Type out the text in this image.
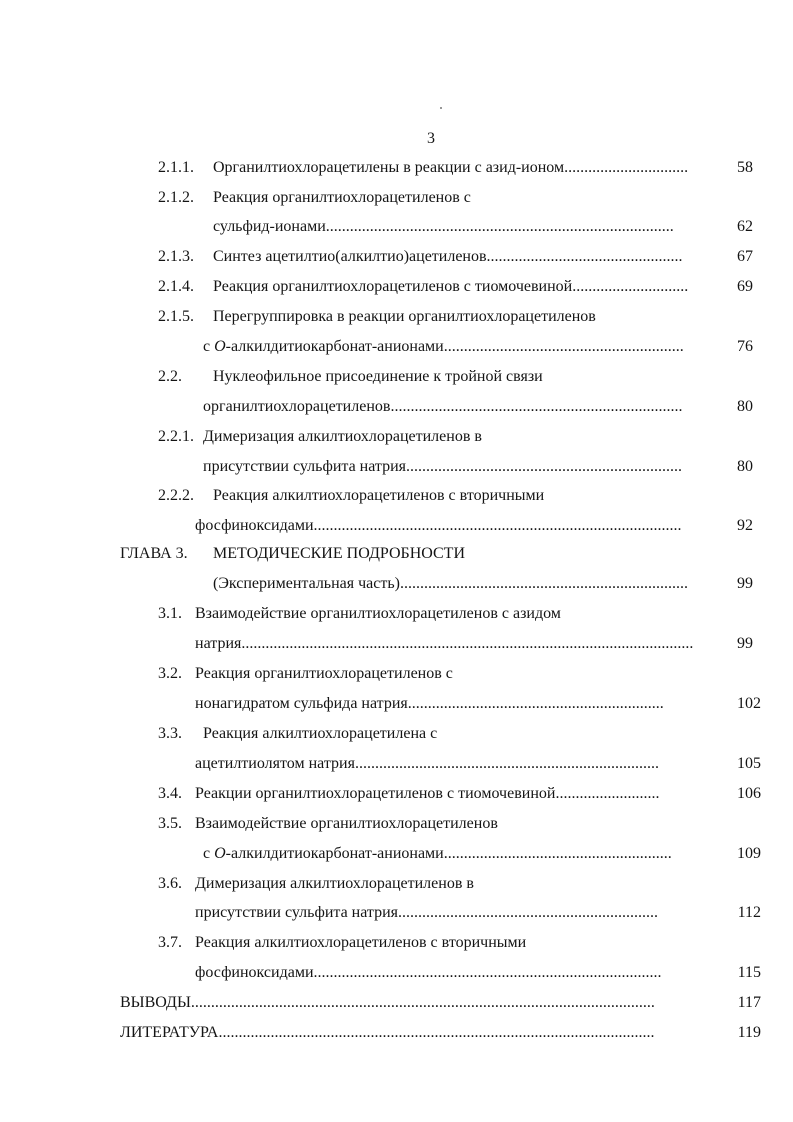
3
2.1.1. Органилтиохлорацетилены в реакции с азид-ионом...............................	58
2.1.2. Реакция органилтиохлорацетиленов с
сульфид-ионами.......................................................................................	62
2.1.3. Синтез ацетилтио(алкилтио)ацетиленов.................................................	67
2.1.4. Реакция органилтиохлорацетиленов с тиомочевиной.............................	69
2.1.5. Перегруппировка в реакции органилтиохлорацетиленов
с O-алкилдитиокарбонат-анионами............................................................	76
2.2. Нуклеофильное присоединение к тройной связи
органилтиохлорацетиленов.........................................................................	80
2.2.1. Димеризация алкилтиохлорацетиленов в
присутствии сульфита натрия.....................................................................	80
2.2.2. Реакция алкилтиохлорацетиленов с вторичными
фосфиноксидами............................................................................................	92
ГЛАВА 3. МЕТОДИЧЕСКИЕ ПОДРОБНОСТИ
(Экспериментальная часть)........................................................................	99
3.1. Взаимодействие органилтиохлорацетиленов с азидом
натрия.................................................................................................................	99
3.2. Реакция органилтиохлорацетиленов с
нонагидратом сульфида натрия................................................................	102
3.3. Реакция алкилтиохлорацетилена с
ацетилтиолятом натрия............................................................................	105
3.4. Реакции органилтиохлорацетиленов с тиомочевиной..........................	106
3.5. Взаимодействие органилтиохлорацетиленов
с O-алкилдитиокарбонат-анионами.........................................................	109
3.6. Димеризация алкилтиохлорацетиленов в
присутствии сульфита натрия.................................................................	112
3.7. Реакция алкилтиохлорацетиленов с вторичными
фосфиноксидами.......................................................................................	115
ВЫВОДЫ....................................................................................................................	117
ЛИТЕРАТУРА.............................................................................................................	119
